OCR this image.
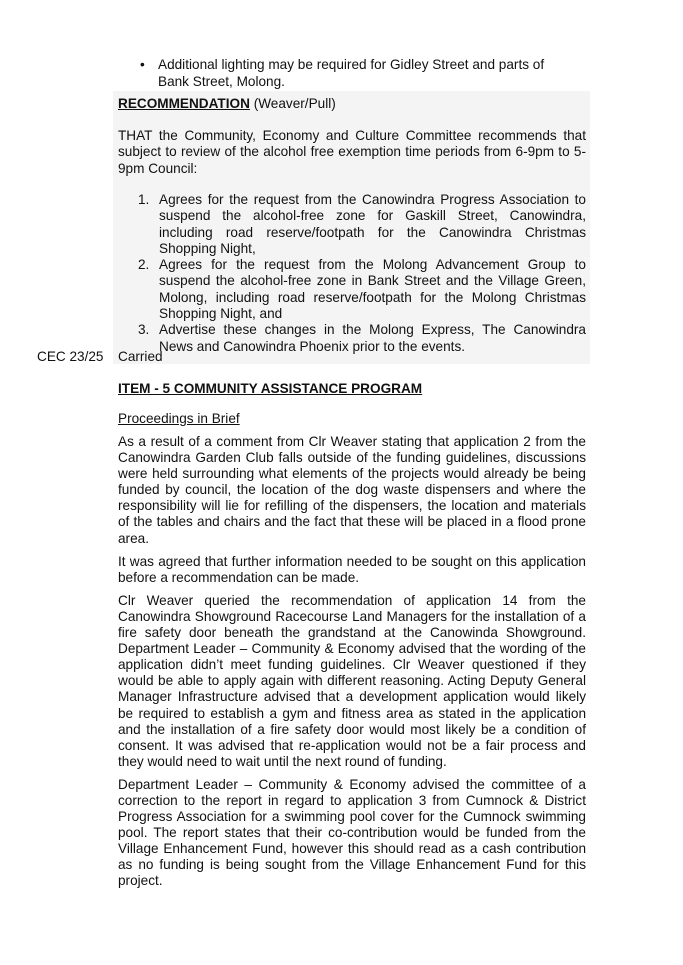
• Additional lighting may be required for Gidley Street and parts of Bank Street, Molong.
RECOMMENDATION (Weaver/Pull)
THAT the Community, Economy and Culture Committee recommends that subject to review of the alcohol free exemption time periods from 6-9pm to 5-9pm Council:
1. Agrees for the request from the Canowindra Progress Association to suspend the alcohol-free zone for Gaskill Street, Canowindra, including road reserve/footpath for the Canowindra Christmas Shopping Night,
2. Agrees for the request from the Molong Advancement Group to suspend the alcohol-free zone in Bank Street and the Village Green, Molong, including road reserve/footpath for the Molong Christmas Shopping Night, and
3. Advertise these changes in the Molong Express, The Canowindra News and Canowindra Phoenix prior to the events.
CEC 23/25 Carried
ITEM - 5 COMMUNITY ASSISTANCE PROGRAM
Proceedings in Brief

As a result of a comment from Clr Weaver stating that application 2 from the Canowindra Garden Club falls outside of the funding guidelines, discussions were held surrounding what elements of the projects would already be being funded by council, the location of the dog waste dispensers and where the responsibility will lie for refilling of the dispensers, the location and materials of the tables and chairs and the fact that these will be placed in a flood prone area.

It was agreed that further information needed to be sought on this application before a recommendation can be made.

Clr Weaver queried the recommendation of application 14 from the Canowindra Showground Racecourse Land Managers for the installation of a fire safety door beneath the grandstand at the Canowinda Showground. Department Leader – Community & Economy advised that the wording of the application didn’t meet funding guidelines. Clr Weaver questioned if they would be able to apply again with different reasoning. Acting Deputy General Manager Infrastructure advised that a development application would likely be required to establish a gym and fitness area as stated in the application and the installation of a fire safety door would most likely be a condition of consent. It was advised that re-application would not be a fair process and they would need to wait until the next round of funding.

Department Leader – Community & Economy advised the committee of a correction to the report in regard to application 3 from Cumnock & District Progress Association for a swimming pool cover for the Cumnock swimming pool. The report states that their co-contribution would be funded from the Village Enhancement Fund, however this should read as a cash contribution as no funding is being sought from the Village Enhancement Fund for this project.
